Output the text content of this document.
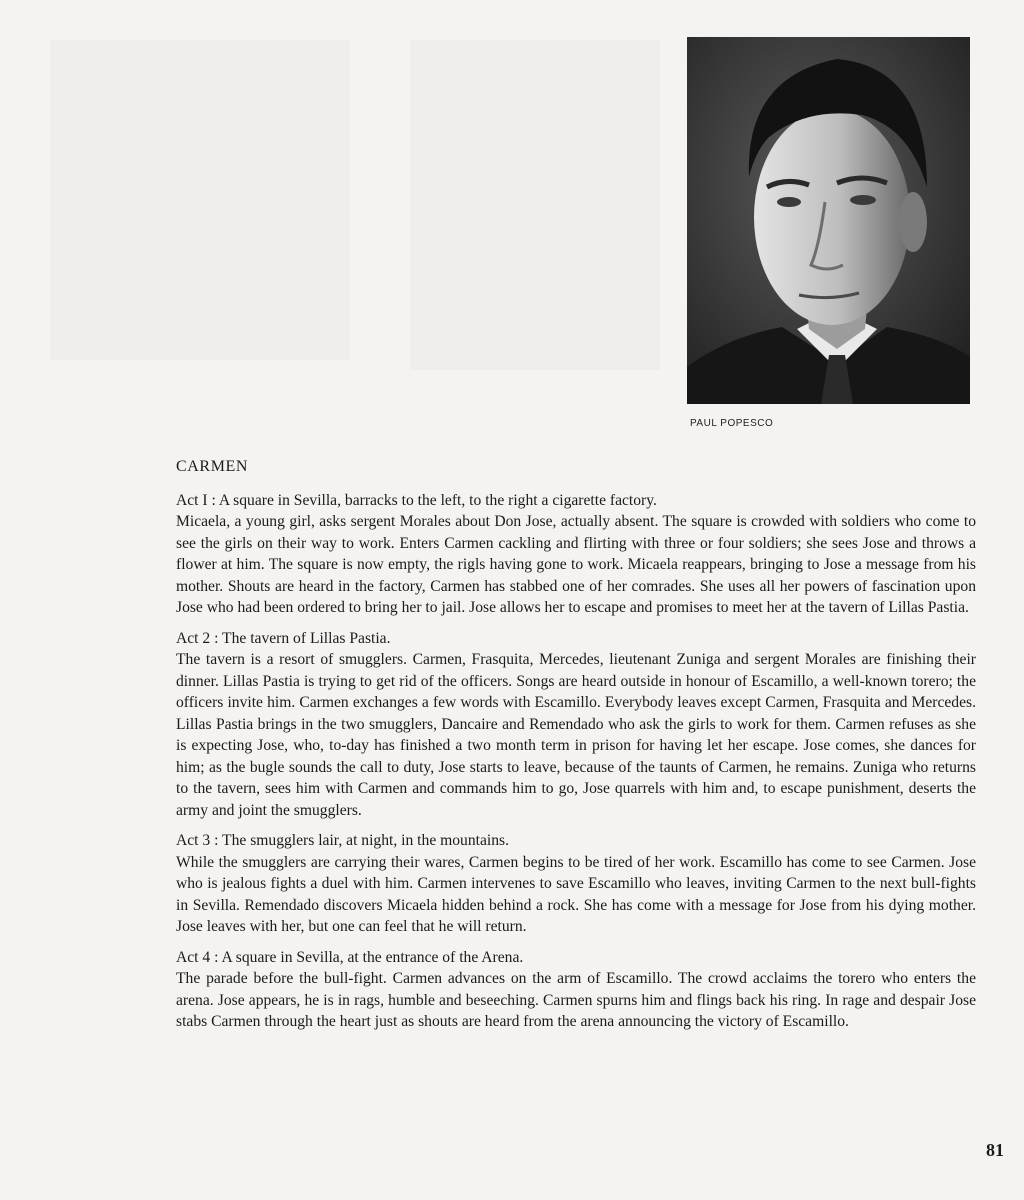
PAUL POPESCO
CARMEN
Act I : A square in Sevilla, barracks to the left, to the right a cigarette factory.
Micaela, a young girl, asks sergent Morales about Don Jose, actually absent. The square is crowded with soldiers who come to see the girls on their way to work. Enters Carmen cackling and flirting with three or four soldiers; she sees Jose and throws a flower at him. The square is now empty, the rigls having gone to work. Micaela reappears, bringing to Jose a message from his mother. Shouts are heard in the factory, Carmen has stabbed one of her comrades. She uses all her powers of fascination upon Jose who had been ordered to bring her to jail. Jose allows her to escape and promises to meet her at the tavern of Lillas Pastia.
Act 2 : The tavern of Lillas Pastia.
The tavern is a resort of smugglers. Carmen, Frasquita, Mercedes, lieutenant Zuniga and sergent Morales are finishing their dinner. Lillas Pastia is trying to get rid of the officers. Songs are heard outside in honour of Escamillo, a well-known torero; the officers invite him. Carmen exchanges a few words with Escamillo. Everybody leaves except Carmen, Frasquita and Mercedes. Lillas Pastia brings in the two smugglers, Dancaire and Remendado who ask the girls to work for them. Carmen refuses as she is expecting Jose, who, to-day has finished a two month term in prison for having let her escape. Jose comes, she dances for him; as the bugle sounds the call to duty, Jose starts to leave, because of the taunts of Carmen, he remains. Zuniga who returns to the tavern, sees him with Carmen and commands him to go, Jose quarrels with him and, to escape punishment, deserts the army and joint the smugglers.
Act 3 : The smugglers lair, at night, in the mountains.
While the smugglers are carrying their wares, Carmen begins to be tired of her work. Escamillo has come to see Carmen. Jose who is jealous fights a duel with him. Carmen intervenes to save Escamillo who leaves, inviting Carmen to the next bull-fights in Sevilla. Remendado discovers Micaela hidden behind a rock. She has come with a message for Jose from his dying mother. Jose leaves with her, but one can feel that he will return.
Act 4 : A square in Sevilla, at the entrance of the Arena.
The parade before the bull-fight. Carmen advances on the arm of Escamillo. The crowd acclaims the torero who enters the arena. Jose appears, he is in rags, humble and beseeching. Carmen spurns him and flings back his ring. In rage and despair Jose stabs Carmen through the heart just as shouts are heard from the arena announcing the victory of Escamillo.
81
